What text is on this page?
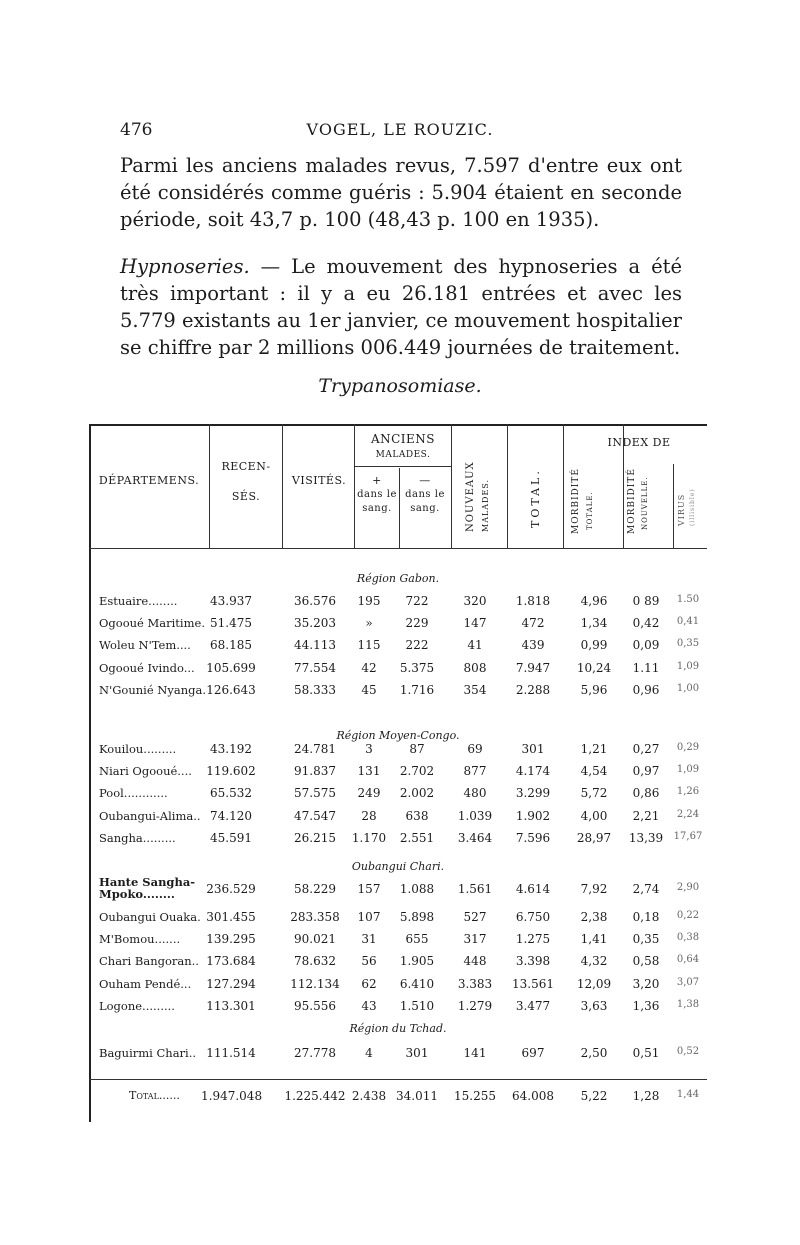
476	VOGEL, LE ROUZIC.

Parmi les anciens malades revus, 7.597 d'entre eux ont été considérés comme guéris : 5.904 étaient en seconde période, soit 43,7 p. 100 (48,43 p. 100 en 1935).

Hypnoseries. — Le mouvement des hypnoseries a été très important : il y a eu 26.181 entrées et avec les 5.779 existants au 1er janvier, ce mouvement hospitalier se chiffre par 2 millions 006.449 journées de traitement.

Trypanosomiase.
DÉPARTEMENS.
RECEN-
SÉS.
VISITÉS.
ANCIENS
MALADES.
+
dans le sang.
—
dans le sang.	NOUVEAUX MALADES.	TOTAL.
INDEX DE
MORBIDITÉ TOTALE.	MORBIDITÉ NOUVELLE.	VIRUS (illisible)
Région Gabon.
Estuaire........	43.937	36.576	195	722	320	1.818	4,96	0 89	1.50
Ogooué Maritime. 51.475	35.203	»	229	147	472	1,34	0,42	0,41
Woleu N'Tem....	68.185	44.113	115	222	41	439	0,99	0,09	0,35
Ogooué Ivindo... 105.699	77.554	42	5.375	808	7.947	10,24	1.11	1,09
N'Gounié Nyanga. 126.643	58.333	45	1.716	354	2.288	5,96	0,96	1,00
Région Moyen-Congo.
Kouilou.........	43.192	24.781	3	87	69	301	1,21	0,27	0,29
Niari Ogooué....	119.602	91.837	131	2.702	877	4.174	4,54	0,97	1,09
Pool............	65.532	57.575	249	2.002	480	3.299	5,72	0,86	1,26
Oubangui-Alima.. 74.120	47.547	28	638	1.039	1.902	4,00	2,21	2,24
Sangha.........	45.591	26.215	1.170	2.551	3.464	7.596	28,97	13,39	17,67
Oubangui Chari.
Hante Sangha-Mpoko........	236.529	58.229	157	1.088	1.561	4.614	7,92	2,74	2,90
Oubangui Ouaka. 301.455	283.358	107	5.898	527	6.750	2,38	0,18	0,22
M'Bomou.......	139.295	90.021	31	655	317	1.275	1,41	0,35	0,38
Chari Bangoran.. 173.684	78.632	56	1.905	448	3.398	4,32	0,58	0,64
Ouham Pendé...	127.294	112.134	62	6.410	3.383	13.561	12,09	3,20	3,07
Logone.........	113.301	95.556	43	1.510	1.279	3.477	3,63	1,36	1,38
Région du Tchad.
Baguirmi Chari.. 111.514	27.778	4	301	141	697	2,50	0,51	0,52
Total......	1.947.048	1.225.442 2.438 34.011	15.255	64.008	5,22	1,28	1,44
